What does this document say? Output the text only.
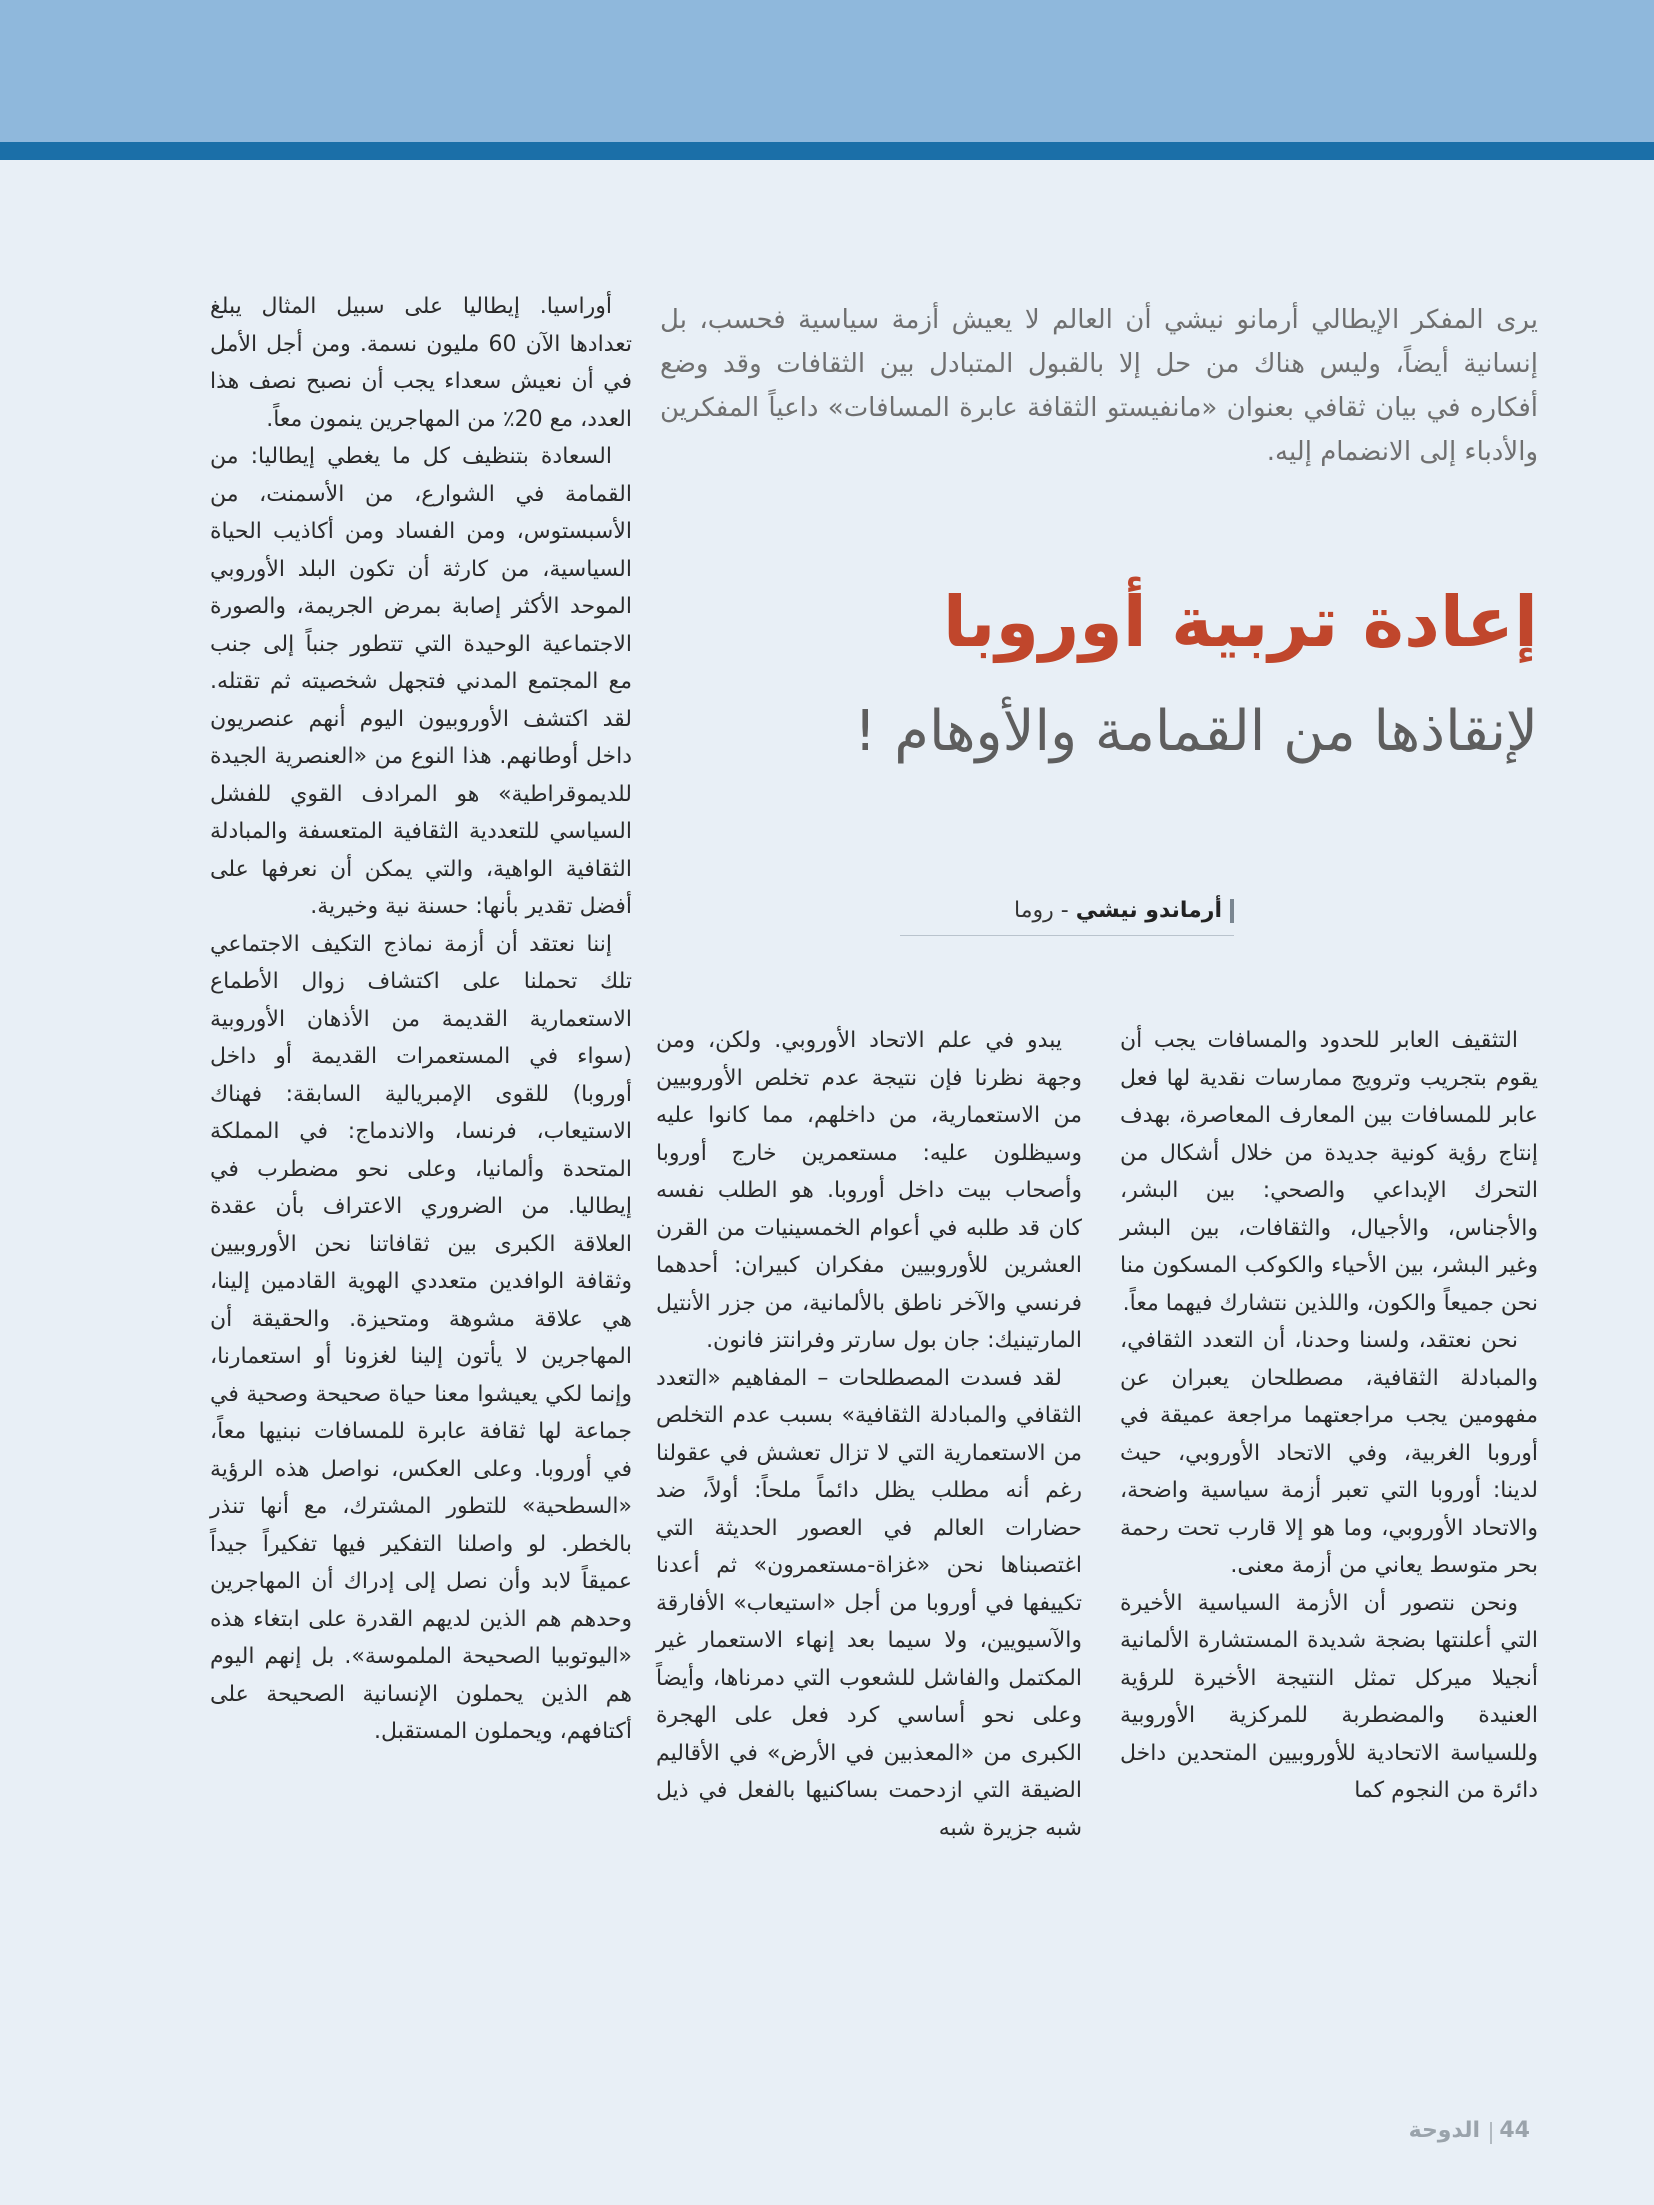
يرى المفكر الإيطالي أرمانو نيشي أن العالم لا يعيش أزمة سياسية فحسب، بل إنسانية أيضاً، وليس هناك من حل إلا بالقبول المتبادل بين الثقافات وقد وضع أفكاره في بيان ثقافي بعنوان «مانفيستو الثقافة عابرة المسافات» داعياً المفكرين والأدباء إلى الانضمام إليه.
إعادة تربية أوروبا
لإنقاذها من القمامة والأوهام !
أرماندو نيشي - روما

التثقيف العابر للحدود والمسافات يجب أن يقوم بتجريب وترويج ممارسات نقدية لها فعل عابر للمسافات بين المعارف المعاصرة، بهدف إنتاج رؤية كونية جديدة من خلال أشكال من التحرك الإبداعي والصحي: بين البشر، والأجناس، والأجيال، والثقافات، بين البشر وغير البشر، بين الأحياء والكوكب المسكون منا نحن جميعاً والكون، واللذين نتشارك فيهما معاً.

نحن نعتقد، ولسنا وحدنا، أن التعدد الثقافي، والمبادلة الثقافية، مصطلحان يعبران عن مفهومين يجب مراجعتهما مراجعة عميقة في أوروبا الغربية، وفي الاتحاد الأوروبي، حيث لدينا: أوروبا التي تعبر أزمة سياسية واضحة، والاتحاد الأوروبي، وما هو إلا قارب تحت رحمة بحر متوسط يعاني من أزمة معنى.

ونحن نتصور أن الأزمة السياسية الأخيرة التي أعلنتها بضجة شديدة المستشارة الألمانية أنجيلا ميركل تمثل النتيجة الأخيرة للرؤية العنيدة والمضطربة للمركزية الأوروبية وللسياسة الاتحادية للأوروبيين المتحدين داخل دائرة من النجوم كما

يبدو في علم الاتحاد الأوروبي. ولكن، ومن وجهة نظرنا فإن نتيجة عدم تخلص الأوروبيين من الاستعمارية، من داخلهم، مما كانوا عليه وسيظلون عليه: مستعمرين خارج أوروبا وأصحاب بيت داخل أوروبا. هو الطلب نفسه كان قد طلبه في أعوام الخمسينيات من القرن العشرين للأوروبيين مفكران كبيران: أحدهما فرنسي والآخر ناطق بالألمانية، من جزر الأنتيل المارتينيك: جان بول سارتر وفرانتز فانون.

لقد فسدت المصطلحات – المفاهيم «التعدد الثقافي والمبادلة الثقافية» بسبب عدم التخلص من الاستعمارية التي لا تزال تعشش في عقولنا رغم أنه مطلب يظل دائماً ملحاً: أولاً، ضد حضارات العالم في العصور الحديثة التي اغتصبناها نحن «غزاة-مستعمرون» ثم أعدنا تكييفها في أوروبا من أجل «استيعاب» الأفارقة والآسيويين، ولا سيما بعد إنهاء الاستعمار غير المكتمل والفاشل للشعوب التي دمرناها، وأيضاً وعلى نحو أساسي كرد فعل على الهجرة الكبرى من «المعذبين في الأرض» في الأقاليم الضيقة التي ازدحمت بساكنيها بالفعل في ذيل شبه جزيرة شبه

أوراسيا. إيطاليا على سبيل المثال يبلغ تعدادها الآن 60 مليون نسمة. ومن أجل الأمل في أن نعيش سعداء يجب أن نصبح نصف هذا العدد، مع 20٪ من المهاجرين ينمون معاً.

السعادة بتنظيف كل ما يغطي إيطاليا: من القمامة في الشوارع، من الأسمنت، من الأسبستوس، ومن الفساد ومن أكاذيب الحياة السياسية، من كارثة أن تكون البلد الأوروبي الموحد الأكثر إصابة بمرض الجريمة، والصورة الاجتماعية الوحيدة التي تتطور جنباً إلى جنب مع المجتمع المدني فتجهل شخصيته ثم تقتله. لقد اكتشف الأوروبيون اليوم أنهم عنصريون داخل أوطانهم. هذا النوع من «العنصرية الجيدة للديموقراطية» هو المرادف القوي للفشل السياسي للتعددية الثقافية المتعسفة والمبادلة الثقافية الواهية، والتي يمكن أن نعرفها على أفضل تقدير بأنها: حسنة نية وخيرية.

إننا نعتقد أن أزمة نماذج التكيف الاجتماعي تلك تحملنا على اكتشاف زوال الأطماع الاستعمارية القديمة من الأذهان الأوروبية (سواء في المستعمرات القديمة أو داخل أوروبا) للقوى الإمبريالية السابقة: فهناك الاستيعاب، فرنسا، والاندماج: في المملكة المتحدة وألمانيا، وعلى نحو مضطرب في إيطاليا. من الضروري الاعتراف بأن عقدة العلاقة الكبرى بين ثقافاتنا نحن الأوروبيين وثقافة الوافدين متعددي الهوية القادمين إلينا، هي علاقة مشوهة ومتحيزة. والحقيقة أن المهاجرين لا يأتون إلينا لغزونا أو استعمارنا، وإنما لكي يعيشوا معنا حياة صحيحة وصحية في جماعة لها ثقافة عابرة للمسافات نبنيها معاً، في أوروبا. وعلى العكس، نواصل هذه الرؤية «السطحية» للتطور المشترك، مع أنها تنذر بالخطر. لو واصلنا التفكير فيها تفكيراً جيداً عميقاً لابد وأن نصل إلى إدراك أن المهاجرين وحدهم هم الذين لديهم القدرة على ابتغاء هذه «اليوتوبيا الصحيحة الملموسة». بل إنهم اليوم هم الذين يحملون الإنسانية الصحيحة على أكتافهم، ويحملون المستقبل.

44
الدوحة
